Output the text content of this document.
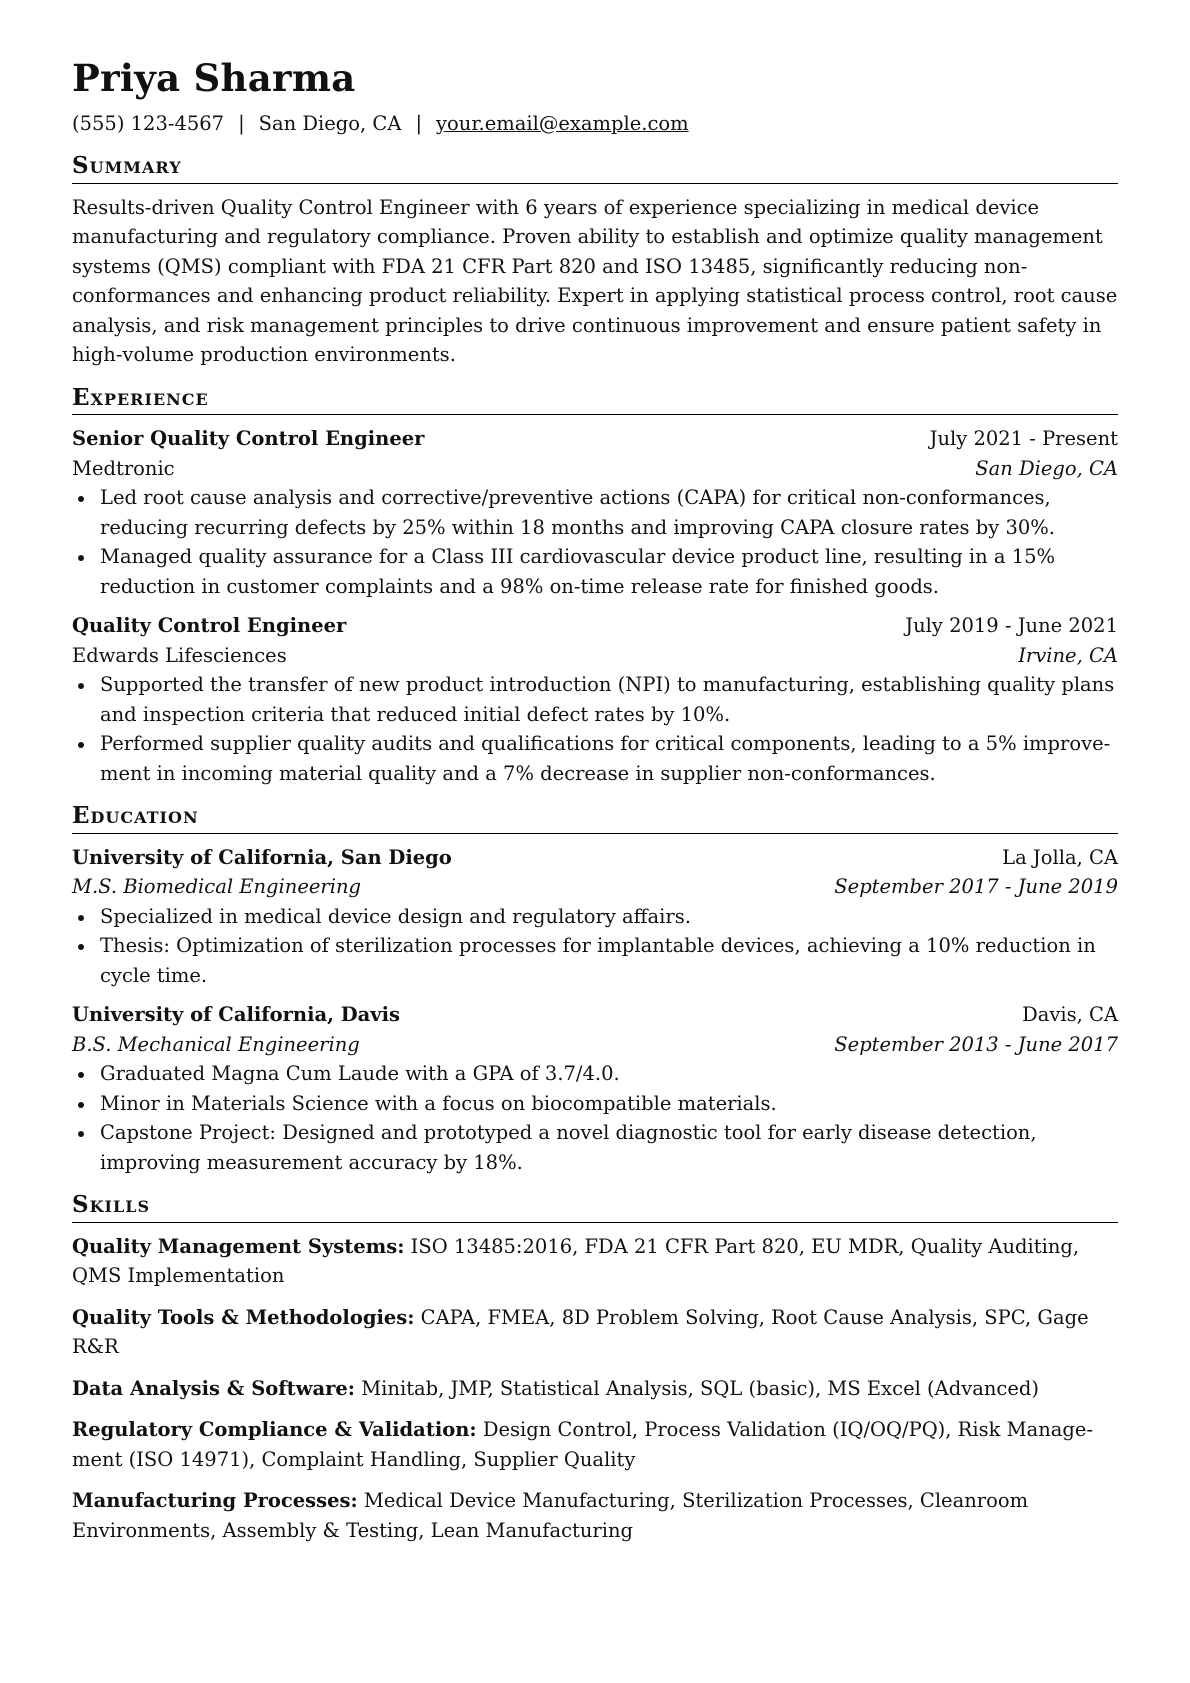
Priya Sharma
(555) 123-4567 | San Diego, CA | your.email@example.com
Summary

Results-driven Quality Control Engineer with 6 years of experience specializing in medical device manufacturing and regulatory compliance. Proven ability to establish and optimize quality management systems (QMS) compliant with FDA 21 CFR Part 820 and ISO 13485, significantly reducing non-conformances and enhancing product reliability. Expert in applying statistical process control, root cause analysis, and risk management principles to drive continuous improvement and ensure patient safety in high-volume production environments.

Experience
Senior Quality Control Engineer	July 2021 - Present
Medtronic	San Diego, CA
Led root cause analysis and corrective/preventive actions (CAPA) for critical non-conformances, reducing recurring defects by 25% within 18 months and improving CAPA closure rates by 30%.
Managed quality assurance for a Class III cardiovascular device product line, resulting in a 15% reduction in customer complaints and a 98% on-time release rate for finished goods.
Quality Control Engineer	July 2019 - June 2021
Edwards Lifesciences	Irvine, CA
Supported the transfer of new product introduction (NPI) to manufacturing, establishing quality plans and inspection criteria that reduced initial defect rates by 10%.
Performed supplier quality audits and qualifications for critical components, leading to a 5% improvement in incoming material quality and a 7% decrease in supplier non-conformances.
Education
University of California, San Diego	La Jolla, CA
M.S. Biomedical Engineering	September 2017 - June 2019
Specialized in medical device design and regulatory affairs.
Thesis: Optimization of sterilization processes for implantable devices, achieving a 10% reduction in cycle time.
University of California, Davis	Davis, CA
B.S. Mechanical Engineering	September 2013 - June 2017
Graduated Magna Cum Laude with a GPA of 3.7/4.0.
Minor in Materials Science with a focus on biocompatible materials.
Capstone Project: Designed and prototyped a novel diagnostic tool for early disease detection, improving measurement accuracy by 18%.
Skills

Quality Management Systems: ISO 13485:2016, FDA 21 CFR Part 820, EU MDR, Quality Auditing, QMS Implementation

Quality Tools & Methodologies: CAPA, FMEA, 8D Problem Solving, Root Cause Analysis, SPC, Gage R&R

Data Analysis & Software: Minitab, JMP, Statistical Analysis, SQL (basic), MS Excel (Advanced)

Regulatory Compliance & Validation: Design Control, Process Validation (IQ/OQ/PQ), Risk Management (ISO 14971), Complaint Handling, Supplier Quality

Manufacturing Processes: Medical Device Manufacturing, Sterilization Processes, Cleanroom Environments, Assembly & Testing, Lean Manufacturing
